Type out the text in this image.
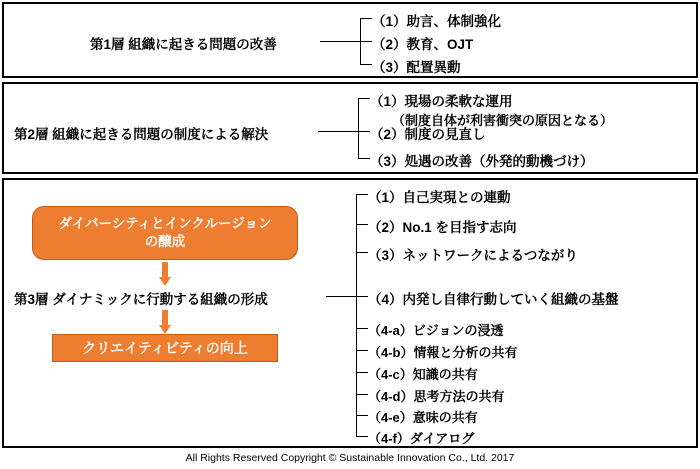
第1層 組織に起きる問題の改善
（1）助言、体制強化
（2）教育、OJT
（3）配置異動
第2層 組織に起きる問題の制度による解決
（1）現場の柔軟な運用
（制度自体が利害衝突の原因となる）
（2）制度の見直し
（3）処遇の改善（外発的動機づけ）
第3層 ダイナミックに行動する組織の形成
ダイバーシティとインクルージョン
の醸成
クリエイティビティの向上
（1）自己実現との連動
（2）No.1 を目指す志向
（3）ネットワークによるつながり
（4）内発し自律行動していく組織の基盤
（4-a）ビジョンの浸透
（4-b）情報と分析の共有
（4-c）知識の共有
（4-d）思考方法の共有
（4-e）意味の共有
（4-f）ダイアログ
All Rights Reserved Copyright © Sustainable Innovation Co., Ltd. 2017
